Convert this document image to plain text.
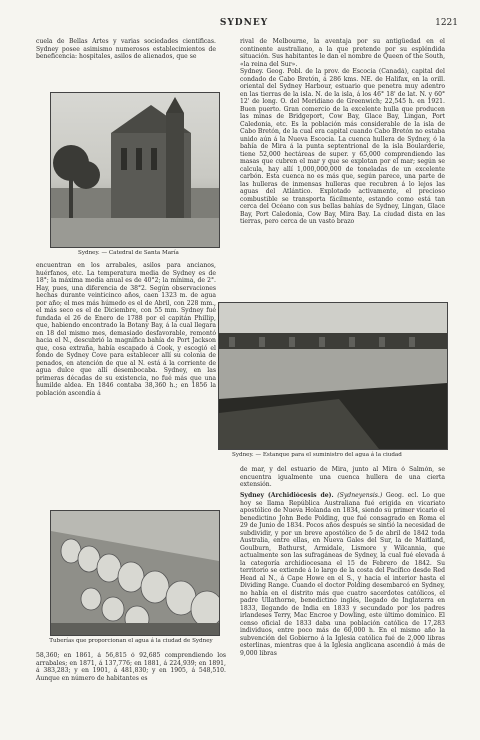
SYDNEY	1221

cuela de Bellas Artes y varias sociedades científicas. Sydney posee asimismo numerosos establecimientos de beneficencia: hospitales, asilos de alienados, que se

Sydney. — Catedral de Santa María

rival de Melbourne, la aventaja por su antigüedad en el continente australiano, a la que pretende por su espléndida situación. Sus habitantes le dan el nombre de Queen of the South, «la reina del Sur».

Sydney. Geog. Pobl. de la prov. de Escocia (Canadá), capital del condado de Cabo Bretón, á 286 kms. NE. de Halifax, en la orill. oriental del Sydney Harbour, estuario que penetra muy adentro en las tierras de la isla. N. de la isla, á los 46° 18' de lat. N. y 60° 12' de long. O. del Meridiano de Greenwich; 22,545 h. en 1921. Buen puerto. Gran comercio de la excelente hulla que producen las minas de Bridgeport, Cow Bay, Glace Bay, Lingan, Port Caledonia, etc. Es la población más considerable de la isla de Cabo Bretón, de la cual era capital cuando Cabo Bretón no estaba unido aún á la Nueva Escocia. La cuenca hullera de Sydney, ó la bahía de Mira á la punta septentrional de la isla Boularderie, tiene 52,000 hectáreas de super. y 65,000 comprendiendo las masas que cubren el mar y que se explotan por el mar; según se calcula, hay allí 1,000,000,000 de toneladas de un excelente carbón. Esta cuenca no es más que, según parece, una parte de las hulleras de inmensas hulleras que recubren á lo lejos las aguas del Atlántico. Explotado activamente, el precioso combustible se transporta fácilmente, estando como está tan cerca del Océano con sus bellas bahías de Sydney, Lingan, Glace Bay, Port Caledonia, Cow Bay, Mira Bay. La ciudad dista en las tierras, pero cerca de un vasto brazo

encuentran en los arrabales, asilos para ancianos, huérfanos, etc. La temperatura media de Sydney es de 18°; la máxima media anual es de 40°2; la mínima, de 2°. Hay, pues, una diferencia de 38°2. Según observaciones hechas durante veinticinco años, caen 1323 m. de agua por año; el mes más húmedo es el de Abril, con 228 mm., el más seco es el de Diciembre, con 55 mm. Sydney fué fundada el 26 de Enero de 1788 por el capitán Phillip, que, habiendo encontrado la Botany Bay, á la cual llegara en 18 del mismo mes, demasiado desfavorable, remontó hacia el N., descubrió la magnífica bahía de Port Jackson que, cosa extraña, había escapado á Cook, y escogió el fondo de Sydney Cove para establecer allí su colonia de penados, en atención de que al N. está á la corriente de agua dulce que allí desembocaba. Sydney, en las primeras décadas de su existencia, no fué más que una humilde aldea. En 1846 contaba 38,360 h.; en 1856 la población ascendía á

Sydney. — Estanque para el suministro del agua á la ciudad

de mar, y del estuario de Mira, junto al Mira ó Salmón, se encuentra igualmente una cuenca hullera de una cierta extensión.

Sydney (Archidiócesis de). (Sydneyensis.) Geog. ecl. Lo que hoy se llama República Australiana fué erigida en vicariato apostólico de Nueva Holanda en 1834, siendo su primer vicario el benedictino John Bede Polding, que fué consagrado en Roma el 29 de Junio de 1834. Pocos años después se sintió la necesidad de subdividir, y por un breve apostólico de 5 de abril de 1842 toda Australia, entre ellas, en Nueva Gales del Sur, la de Maitland, Goulburn, Bathurst, Armidale, Lismore y Wilcannia, que actualmente son las sufragáneas de Sydney, la cual fué elevada á la categoría archidiocesana el 15 de Febrero de 1842. Su territorio se extiende á lo largo de la costa del Pacífico desde Red Head al N., á Cape Howe en el S., y hacia el interior hasta el Dividing Range. Cuando el doctor Polding desembarcó en Sydney, no había en el distrito más que cuatro sacerdotes católicos, el padre Ullathorne, benedictino inglés, llegado de Inglaterra en 1833, llegando de India en 1833 y secundado por los padres irlandeses Terry, Mac Encroe y Dowling, este último dominico. El censo oficial de 1833 daba una población católica de 17,283 individuos, entre poco más de 60,000 h. En el mismo año la subvención del Gobierno á la Iglesia católica fué de 2,000 libras esterlinas, mientras que á la Iglesia anglicana ascendió á más de 9,000 libras

Tuberías que proporcionan el agua á la ciudad de Sydney

58,360; en 1861, á 56,815 ó 92,685 comprendiendo los arrabales; en 1871, á 137,776; en 1881, á 224,939; en 1891, á 383,283; y en 1901, á 481,830; y en 1905, á 548,510. Aunque en número de habitantes es
